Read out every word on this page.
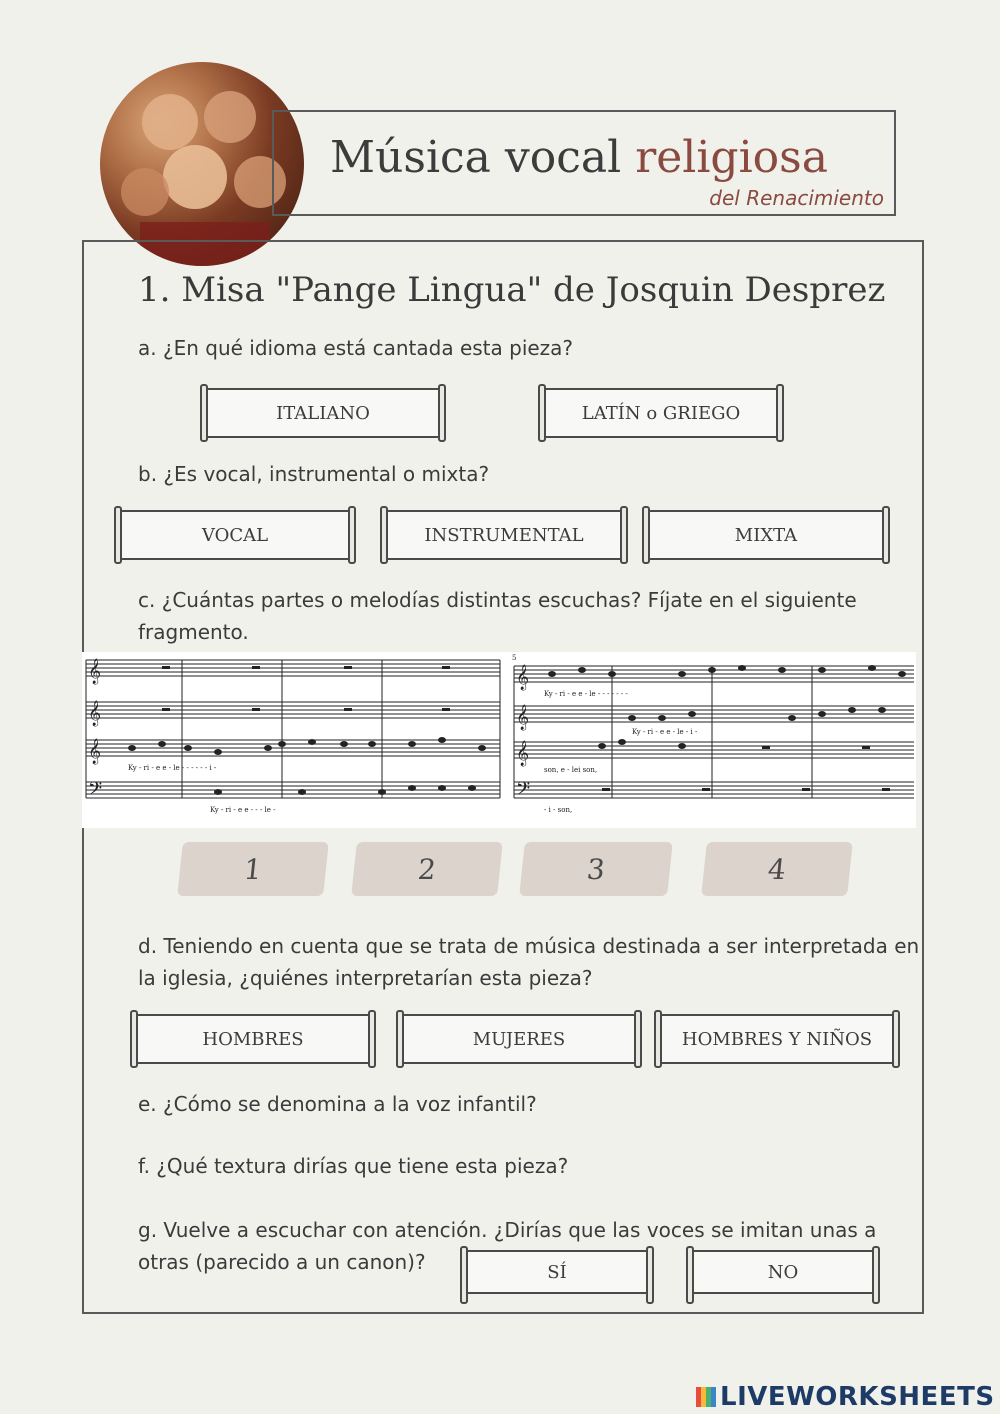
Música vocal religiosa
del Renacimiento
1. Misa "Pange Lingua" de Josquin Desprez
a. ¿En qué idioma está cantada esta pieza?
ITALIANO	LATÍN o GRIEGO
b. ¿Es vocal, instrumental o mixta?
VOCAL	INSTRUMENTAL	MIXTA
c. ¿Cuántas partes o melodías distintas escuchas? Fíjate en el siguiente
fragmento.
𝄞
𝄞
𝄞
𝄢
𝄞
𝄞
𝄞
𝄢
5
Ky - ri - e e - le - - - - - - i -
Ky - ri - e e - - - le -
Ky - ri - e e - le - - - - - - -
Ky - ri - e e - le - i -
son, e - lei son,
- i - son,
1	2	3	4
d. Teniendo en cuenta que se trata de música destinada a ser interpretada en
la iglesia, ¿quiénes interpretarían esta pieza?
HOMBRES	MUJERES	HOMBRES Y NIÑOS
e. ¿Cómo se denomina a la voz infantil?
f. ¿Qué textura dirías que tiene esta pieza?
g. Vuelve a escuchar con atención. ¿Dirías que las voces se imitan unas a
otras (parecido a un canon)?	SÍ	NO
LIVEWORKSHEETS
